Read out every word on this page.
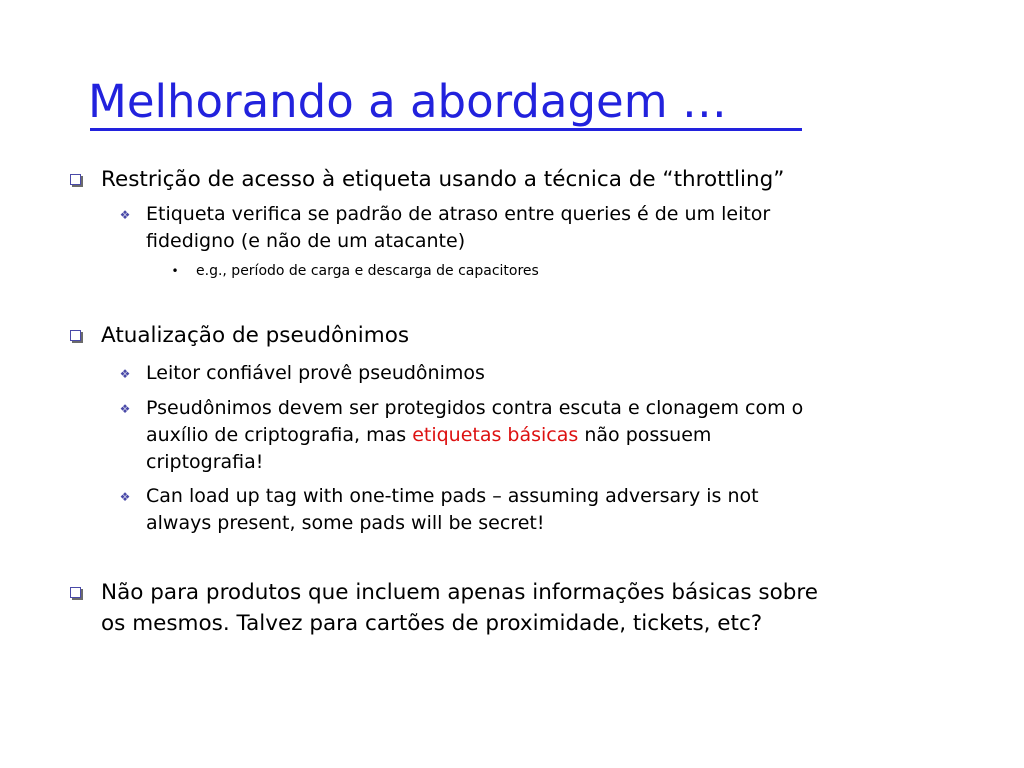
Melhorando a abordagem …
Restrição de acesso à etiqueta usando a técnica de “throttling”
❖ Etiqueta verifica se padrão de atraso entre queries é de um leitor
fidedigno (e não de um atacante)
• e.g., período de carga e descarga de capacitores
Atualização de pseudônimos
❖ Leitor confiável provê pseudônimos
❖ Pseudônimos devem ser protegidos contra escuta e clonagem com o
auxílio de criptografia, mas etiquetas básicas não possuem
criptografia!
❖ Can load up tag with one-time pads – assuming adversary is not
always present, some pads will be secret!
Não para produtos que incluem apenas informações básicas sobre
os mesmos. Talvez para cartões de proximidade, tickets, etc?
